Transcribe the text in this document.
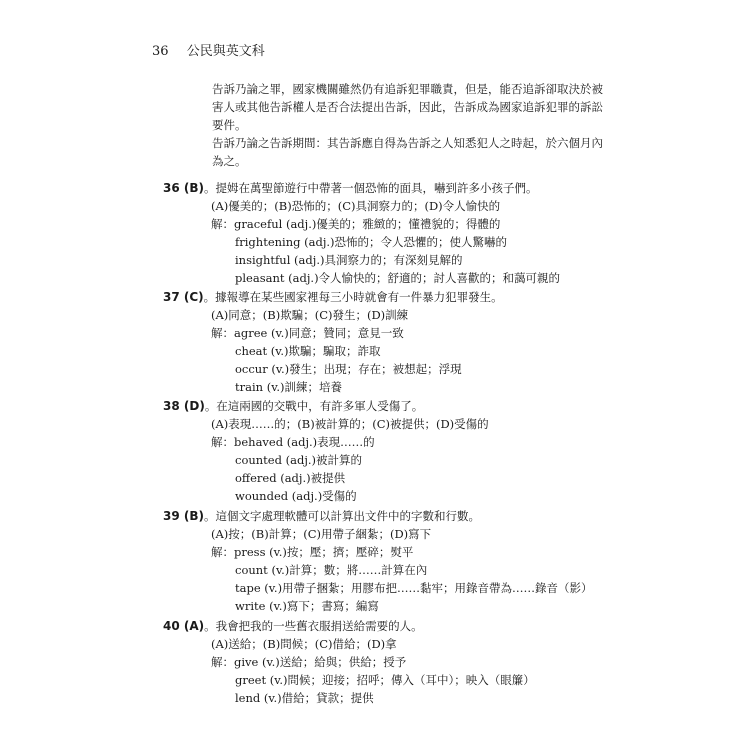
36 公民與英文科

告訴乃論之罪，國家機關雖然仍有追訴犯罪職責，但是，能否追訴卻取決於被害人或其他告訴權人是否合法提出告訴，因此，告訴成為國家追訴犯罪的訴訟要件。

告訴乃論之告訴期間：其告訴應自得為告訴之人知悉犯人之時起，於六個月內為之。

36 (B)。提姆在萬聖節遊行中帶著一個恐怖的面具，嚇到許多小孩子們。
(A)優美的；(B)恐怖的；(C)具洞察力的；(D)令人愉快的
解：graceful (adj.)優美的；雅緻的；懂禮貌的；得體的
frightening (adj.)恐怖的；令人恐懼的；使人驚嚇的
insightful (adj.)具洞察力的；有深刻見解的
pleasant (adj.)令人愉快的；舒適的；討人喜歡的；和藹可親的
37 (C)。據報導在某些國家裡每三小時就會有一件暴力犯罪發生。
(A)同意；(B)欺騙；(C)發生；(D)訓練
解：agree (v.)同意；贊同；意見一致
cheat (v.)欺騙；騙取；詐取
occur (v.)發生；出現；存在；被想起；浮現
train (v.)訓練；培養
38 (D)。在這兩國的交戰中，有許多軍人受傷了。
(A)表現……的；(B)被計算的；(C)被提供；(D)受傷的
解：behaved (adj.)表現……的
counted (adj.)被計算的
offered (adj.)被提供
wounded (adj.)受傷的
39 (B)。這個文字處理軟體可以計算出文件中的字數和行數。
(A)按；(B)計算；(C)用帶子綑紮；(D)寫下
解：press (v.)按；壓；擠；壓碎；熨平
count (v.)計算；數；將……計算在內
tape (v.)用帶子捆紮；用膠布把……黏牢；用錄音帶為……錄音（影）
write (v.)寫下；書寫；編寫
40 (A)。我會把我的一些舊衣服捐送給需要的人。
(A)送給；(B)問候；(C)借給；(D)拿
解：give (v.)送給；給與；供給；授予
greet (v.)問候；迎接；招呼；傳入（耳中）；映入（眼簾）
lend (v.)借給；貸款；提供
